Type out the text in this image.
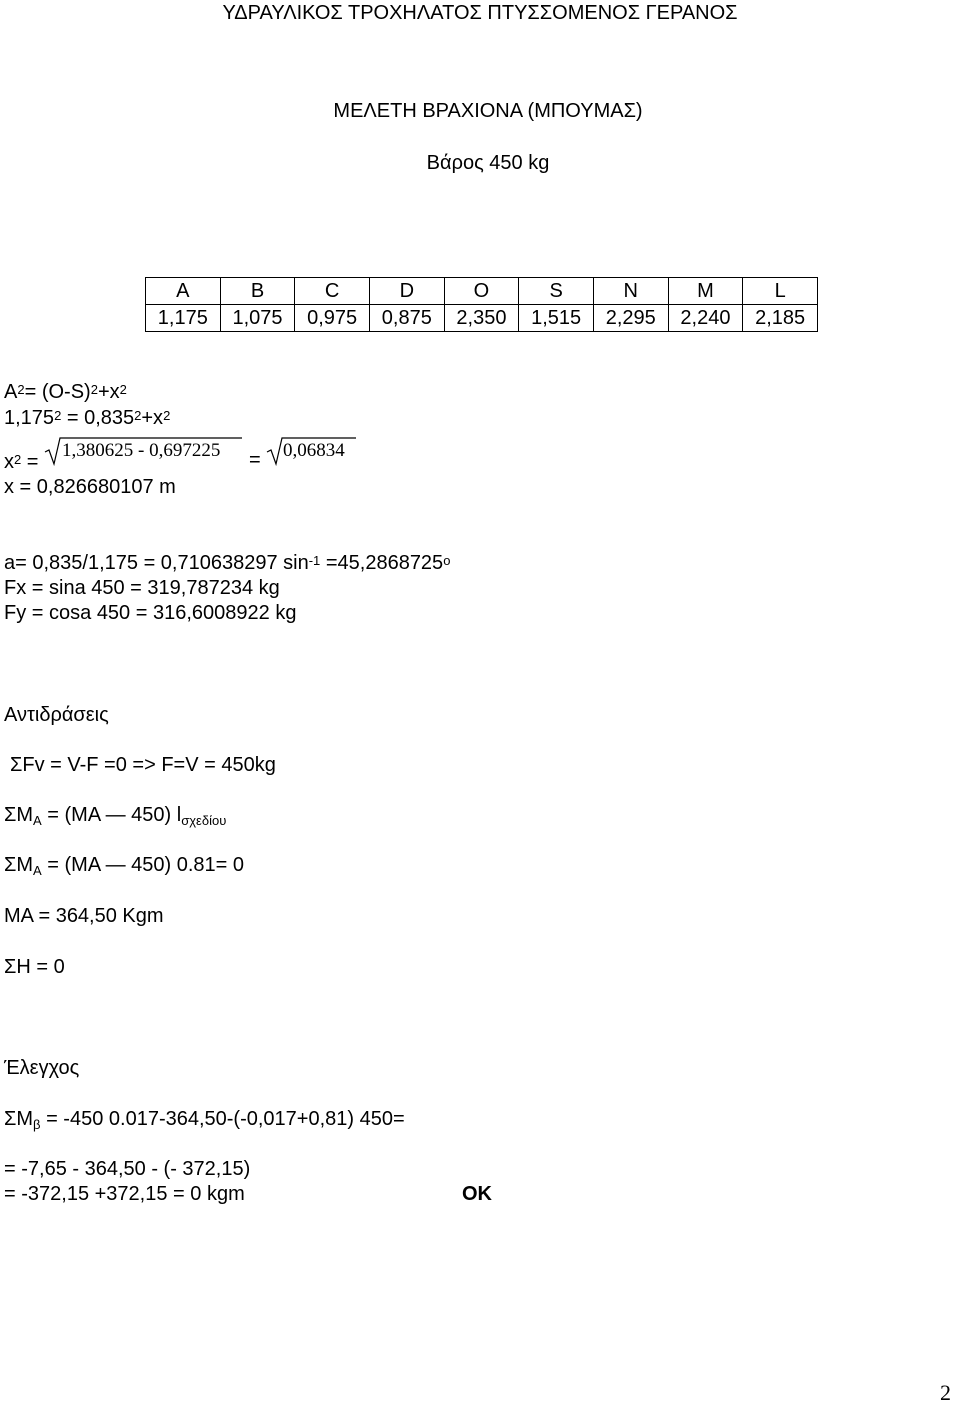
ΥΔΡΑΥΛΙΚΟΣ ΤΡΟΧΗΛΑΤΟΣ ΠΤΥΣΣΟΜΕΝΟΣ ΓΕΡΑΝΟΣ
ΜΕΛΕΤΗ ΒΡΑΧΙΟΝΑ (ΜΠΟΥΜΑΣ)
Βάρος 450 kg
A	B	C	D	O	S	N	M	L
1,175	1,075	0,975	0,875	2,350	1,515	2,295	2,240	2,185
$A^2= (O-S)^2+x^2$
$1,175^2 = 0,835^2+x^2$
$x^2$ =
1,380625 - 0,697225 = 0,06834
x = 0,826680107 m
a= 0,835/1,175 = 0,710638297 $\sin^{-1} =45,2868725^o$
Fx = sina 450 = 319,787234 kg
Fy = cosa 450 = 316,6008922 kg
Αντιδράσεις
ΣFv = V-F =0 => F=V = 450kg
$\Sigma M_A = (MA$ — 450) $l_{\sigma\chi\varepsilon\delta ίo\upsilon}$
$\Sigma M_A = (MA$ — 450) 0.81= 0
MA = 364,50 Kgm
ΣH = 0
Έλεγχος
$\Sigma M_\beta = -450$ 0.017-364,50-(-0,017+0,81) 450=
= -7,65 - 364,50 - (- 372,15)
= -372,15 +372,15 = 0 kgm	OK
2
